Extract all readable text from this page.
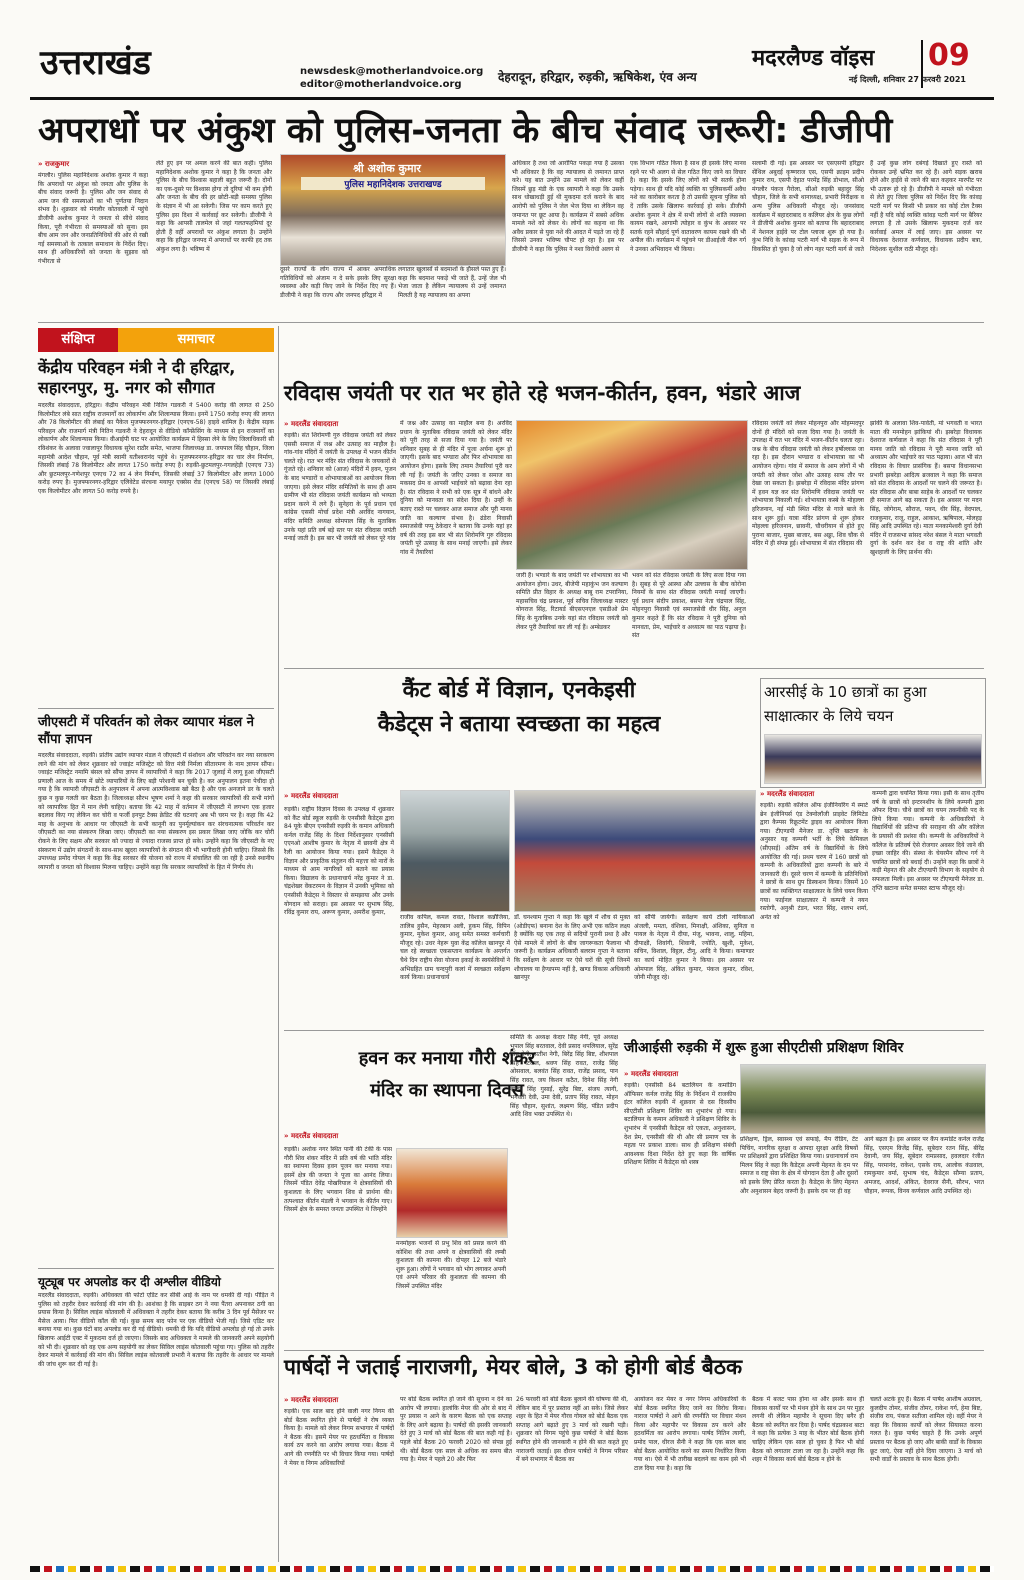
उत्तराखंड	newsdesk@motherlandvoice.org
editor@motherlandvoice.org
देहरादून, हरिद्वार, रुड़की, ऋषिकेश, एंव अन्य
मदरलैण्ड वॉइस 09
नई दिल्ली, शनिवार 27 फरवरी 2021
अपराधों पर अंकुश को पुलिस-जनता के बीच संवाद जरूरी: डीजीपी
» राजकुमार
मंगलौर। पुलिस महानिदेशक अशोक कुमार ने कहा कि अपराधों पर अंकुश को जनता और पुलिस के बीच संवाद जरूरी है। पुलिस और जन संवाद से आम जन की समस्याओं का भी पूर्णतया निदान संभव है। शुक्रवार को मंगलौर कोतवाली में पहुंचे डीजीपी अशोक कुमार ने जनता से सीधे संवाद किया, पूरी गंभीरता से समस्याओं को सुना। इस बीच आम जन और जनप्रतिनिधियों की ओर से रखी गई समस्याओं के तत्काल समाधान के निर्देश दिए। साथ ही अधिकारियों को जनता के सुझाव को गंभीरता से
लेते हुए इन पर अमल करने की बात कही। पुलिस महानिदेशक अशोक कुमार ने कहा है कि जनता और पुलिस के बीच विश्वास बहाली बहुत जरूरी है। दोनों का एक-दूसरे पर विश्वास होगा तो दूरियां भी कम होंगी और जनता के बीच की हर छोटी-बड़ी समस्या पुलिस के संज्ञान में भी आ सकेगी। जिस पर काम करते हुए पुलिस इस दिशा में कार्रवाई कर सकेगी। डीजीपी ने कहा कि आपसी तालमेल से जहां गलतफहमियां दूर होती हैं वहीं अपराधों पर अंकुश लगाता है। उन्होंने कहा कि हरिद्वार जनपद में अपराधों पर काफी हद तक अंकुश लगा है। भविष्य में
श्री अशोक कुमार
पुलिस महानिदेशक उत्तराखण्ड
दूसरे राज्यों के लोग राज्य में आकर अपराधिक गतिविधियों को अंजाम न दे सके इसके लिए सुरक्षा व्यवस्था और कड़ी किए जाने के निर्देश दिए गए हैं। डीजीपी ने कहा कि राज्य और जनपद हरिद्वार में
लगातार खुलासों से बदमाशों के हौसले पस्त हुए हैं। कहा कि बदमाश पकड़े भी जाते हैं, उन्हें जेल भी भेजा जाता है लेकिन न्यायालय से उन्हें जमानत मिलती है यह न्यायालय का अपना
अधिकार है तथा जो आरोपित पकड़ा गया है उसका भी अधिकार है कि वह न्यायालय से जमानत प्राप्त करे। यह बात उन्होंने उस मामले को लेकर कहीं जिसमें छुड़ मंडी के एक व्यापारी ने कहा कि उसके साथ धोखाधड़ी हुई थी मुकदमा दर्ज कराने के बाद आरोपी को पुलिस ने जेल भेज दिया था लेकिन वह जमानत पर छूट आया है। कार्यक्रम में सबसे अधिक मामले नशे को लेकर थे। लोगों का कहना था कि अवैध प्रकार से युवा नशे की आदत में पड़ते जा रहे हैं जिससे उनका भविष्य चौपट हो रहा है। इस पर डीजीपी ने कहा कि पुलिस ने नशा विरोधी अलग से
एक विभाग गठित किया है साथ ही इसके लिए मानव रहने पर भी अलग से सेल गठित किए जाने का विचार है। कहा कि इसके लिए लोगों को भी सतर्क होना पड़ेगा। साथ ही यदि कोई व्यक्ति या पुलिसकर्मी अवैध नशे का कारोबार करता है तो उसकी सूचना पुलिस को दें ताकि उसके खिलाफ कार्रवाई हो सके। डीजीपी अशोक कुमार ने क्षेत्र में सभी लोगों से शांति व्यवस्था कायम रखने, आगामी त्योहार व कुंभ के अवसर पर सतर्क रहने सौहार्द पूर्ण वातावरण कायम रखने की भी अपील की। कार्यक्रम में पहुंचने पर डीआईजी नीरू गर्ग ने उनका अभिवादन भी किया।
सलामी दी गई। इस अवसर पर एसएसपी हरिद्वार सेंथिल अबुदई कृष्णराज एस, एसपी क्राइम प्रदीप कुमार राय, एसपी देहात परमेंद्र सिंह डोभाल, सीओ मंगलौर पंकज गैरोला, सीओ रुड़की बहादुर सिंह चौहान, जिले के सभी थानाध्यक्ष, प्रभारी निरीक्षक व अन्य पुलिस अधिकारी मौजूद रहे। जनसंवाद कार्यक्रम में बहादराबाद व कलियर क्षेत्र के कुछ लोगों ने डीजीपी अशोक कुमार को बताया कि बहादराबाद में नेशनल हाईवे पर टोल प्लाजा शुरू हो गया है। कुंभ निधि के कांवड़ पटरी मार्ग भी सड़क के रूप में विकसित हो चुका है जो लोग नहर पटरी मार्ग से जाते
हैं उन्हें कुछ लोग दबंगई दिखाते हुए रास्ते को रोककर उन्हें भ्रमित कर रहे हैं। आगे सड़क खराब होने और हाईवे से जाने की बात कहकर मारपीट पर भी उतारू हो रहे हैं। डीजीपी ने मामले को गंभीरता से लेते हुए जिला पुलिस को निर्देश दिए कि कांवड़ पटरी मार्ग पर किसी भी प्रकार का कोई टोल टैक्स नहीं है यदि कोई व्यक्ति कांवड़ पटरी मार्ग पर बैरियर लगाता है तो उसके खिलाफ मुकदमा दर्ज कर कार्रवाई अमल में लाई जाए। इस अवसर पर विधायक देशराज कर्णवाल, विधायक प्रदीप बत्रा, निदेशक सुशील राठी मौजूद रहे।
संक्षिप्त	समाचार
केंद्रीय परिवहन मंत्री ने दी हरिद्वार, सहारनपुर, मु. नगर को सौगात
मदरलैंड संवाददाता, हरिद्वार। केंद्रीय परिवहन मंत्री नितिन गडकरी ने 5400 करोड़ की लागत से 250 किलोमीटर लंबे सात राष्ट्रीय राजमार्गों का लोकार्पण और शिलान्यास किया। इनमें 1750 करोड़ रुपए की लागत और 78 किलोमीटर की लंबाई का पैकेज मुजफ्फरनगर-हरिद्वार (एनएच-58) हाइवे शामिल है। केंद्रीय सड़क परिवहन और राजमार्ग मंत्री नितिन गडकरी ने देहरादून से वीडियो कॉन्फ्रेंसिंग के माध्यम से इन राजमार्गों का लोकार्पण और शिलान्यास किया। वीआईपी घाट पर आयोजित कार्यक्रम में हिस्सा लेने के लिए जिलाधिकारी सी रविशंकर के अलावा ज्वालापुर विधायक सुरेश राठौर समेत, भाजपा जिलाध्यक्ष डा. जयपाल सिंह चौहान, जिला महामंत्री आदेश चौहान, पूर्व मंत्री स्वामी यतीश्वरानंद पहुंचे थे। मुजफ्फरनगर-हरिद्वार का चार लेन निर्माण, जिसकी लंबाई 78 किलोमीटर और लागत 1750 करोड़ रुपए है। रुड़की-छुटमलपुर-गगलहेड़ी (एनएच 73) और छुटमलपुर-गणेशपुर एनएच 72 का 4 लेन निर्माण, जिसकी लंबाई 37 किलोमीटर और लागत 1000 करोड़ रुपए है। मुजफ्फरनगर-हरिद्वार एलिवेटेड संरचना मयापुर एक्सेस रोड (एनएच 58) पर जिसकी लंबाई एक किलोमीटर और लागत 50 करोड़ रुपये है।
जीएसटी में परिवर्तन को लेकर व्यापार मंडल ने सौंपा ज्ञापन
मदरलैंड संवाददाता, रुड़की। प्रांतीय उद्योग व्यापार मंडल ने जीएसटी में संशोधन और परिवर्तन कर नया सरकरण लाने की मांग को लेकर शुक्रवार को ज्वाइंट मजिस्ट्रेट को वित्त मंत्री निर्मला सीतारमण के नाम ज्ञापन सौंपा। ज्वाइंट मजिस्ट्रेट नमामि बंसल को सौंपा ज्ञापन में व्यापारियों ने कहा कि 2017 जुलाई में लागू हुआ जीएसटी प्रणाली आज के समय में छोटे व्यापारियों के लिए बड़ी परेशानी बन चुकी है। कर अनुपालन इतना पेचीदा हो गया है कि व्यापारी जीएसटी के अनुपालन में अपना आत्मविश्वास खो बैठा है और एक अनजाने डर के चलते कुछ न कुछ गलती कर बैठता है। जिलाध्यक्ष सौरभ भूषण शर्मा ने कहा की सरकार व्यापारियों की सभी मांगों को व्यापारिक हित में मान लेनी चाहिए। बताया कि 42 माह में वर्तमान में जीएसटी में लगभग एक हजार बदलाव किए गए लेकिन कर चोरी व फर्जी इनपुट टैक्स क्रेडिट की घटनाएं अब भी चरम पर है। कहा कि 42 माह के अनुभव के आधार पर जीएसटी के सभी कानूनी का पुनर्मूल्यांकन कर संरचनात्मक परिवर्तन कर जीएसटी का नया संस्करण लिखा जाए। जीएसटी का नया संस्करण इस प्रकार लिखा जाए जोकि कर चोरी रोकने के लिए सक्षम और सरकार को ज्यादा से ज्यादा राजस्व प्राप्त हो सके। उन्होंने कहा कि जीएसटी के नए संस्करण में उद्योग संगठनों के साथ-साथ खुदरा व्यापारियों के संगठन की भी भागीदारी होनी चाहिए। जिससे कि उपाध्यक्ष प्रमोद गोयल ने कहा कि केंद्र सरकार की योजना को राज्य में संचालित की जा रही है उनसे स्थानीय व्यापारी व जनता को विश्वास मिलना चाहिए। उन्होंने कहा कि सरकार व्यापारियों के हित में निर्णय ले।
यूट्यूब पर अपलोड कर दी अश्लील वीडियो
मदरलैंड संवाददाता, रुड़की। अधिवक्ता की फोटो एडिट कर सीबी आई के नाम पर धमकी दी गई। पीड़ित ने पुलिस को तहरीर देकर कार्रवाई की मांग की है। आशंका है कि साइबर ठग ने नया पैंतरा अपनाकर ठगी का प्रयास किया है। सिविल लाइंस कोतवाली में अधिवक्ता ने तहरीर देकर बताया कि करीब 3 दिन पूर्व मैसेंजर पर मैसेज आया। फिर वीडियो कॉल की गई। कुछ समय बाद फोन पर एक वीडियो भेजी गई। जिसे एडिट कर बनाया गया था। कुछ घंटों बाद अपलोड कर दी गई वीडियो। धमकी दी कि यदि वीडियो अपलोड हो गई तो उनके खिलाफ आईटी एक्ट में मुकदमा दर्ज हो जाएगा। जिसके बाद अधिवक्ता ने मामले की जानकारी अपने सहयोगी को भी दी। शुक्रवार को वह एक अन्य सहयोगी का लेकर सिविल लाइंस कोतवाली पहुंचा गए। पुलिस को तहरीर देकर मामले में कार्रवाई की मांग की। सिविल लाइंस कोतवाली प्रभारी ने बताया कि तहरीर के आधार पर मामले की जांच शुरू कर दी गई है।
रविदास जयंती पर रात भर होते रहे भजन-कीर्तन, हवन, भंडारे आज
» मदरलैंड संवाददाता
रुड़की। संत शिरोमणी गुरु रविदास जयंती को लेकर एससी समाज में जश्न और उत्साह का माहौल है। गांव-गांव मंदिरों में जयंती के उपलक्ष में भजन कीर्तन चलते रहे। रात भर मंदिर संत रविदास के जयकारों से गूंजते रहे। शनिवार को (आज) मंदिरों में हवन, पूजन के बाद भण्डारों व शोभायात्राओं का आयोजन किया जाएगा। इसे लेकर मंदिर समितियों के साथ ही आम ग्रामीण भी संत रविदास जयंती कार्यक्रम को भव्यता प्रदान करने में लगे हैं। सुनेहरा के पूर्व प्रधान एवं कांग्रेस एससी मोर्चा प्रदेश मंत्री अरविंद नागयान, मंदिर समिति अध्यक्ष सोमपाल सिंह के मुताबिक उनके यहां प्रति वर्ष बड़े स्तर पर संत रविदास जयंती मनाई जाती है। इस बार भी जयंती को लेकर पूरे गांव
में जश्न और उत्साह का माहौल बना है। अरविंद प्रधान के मुताबिक रविदास जयंती को लेकर मंदिर को पूरी तरह से सजा दिया गया है। जयंती पर शनिवार सुबह से ही मंदिर में पूजा अर्चना शुरू हो जाएगी। इसके बाद भण्डारा और फिर शोभायात्रा का आयोजन होगा। इसके लिए तमाम तैयारियां पूरी कर ली गई हैं। जयंती के जरिए उनका व समाज का मकसद प्रेम व आपसी भाईचारे को बढ़ावा देना रहा है। संत रविदास ने सभी को एक सूत्र में बांधने और दुनिया को मानवता का संदेश दिया है। उन्हीं के बताए रास्ते पर चलकर आज समाज और पूरी मानव जाति का कल्याण संभव है। ढंडेरा निवासी समाजसेवी पप्पू ठेकेदार ने बताया कि उनके यहां हर वर्ष की तरह इस बार भी संत शिरोमणि गुरु रविदास जयंती पूरे उत्साह के साथ मनाई जाएगी। इसे लेकर गांव में तैयारियां
जारी हैं। भण्डारे के बाद जयंती पर शोभायात्रा का भी आयोजन होगा। उधर, बीजेपी महाकुंभ जन कल्याण समिति प्रीत विहार के अध्यक्ष बाबू राम टपरानिया, महासचिव चंद्र प्रकाश, पूर्व सचिव जिलाध्यक्ष मास्टर योगराज सिंह, रिटायर्ड बीएसएनएल एसडीओ प्रेम सिंह के मुताबिक उनके यहां संत रविदास जयंती को लेकर पूरी तैयारियां कर ली गई हैं। अम्बेडकर
भवन को संत रविदास जयंती के लिए सजा दिया गया है। सुबह से पूरे आस्था और उल्लास के बीच कोरोना नियमों के साथ संत रविदास जयंती मनाई जाएगी। पूर्व प्रधान संदीप प्रकाश, बसपा नेता चंद्रपाल सिंह, मोहनपुरा निवासी एवं समाजसेवी धीर सिंह, अनुज कुमार कहते हैं कि संत रविदास ने पूरी दुनिया को मानवता, प्रेम, भाईचारे व अध्यात्म का पाठ पढ़ाया है। संत
रविदास जयंती को लेकर मोहनपुरा और मोहम्मदपुर दोनों ही मंदिरों को सजा दिया गया है। जयंती के उपलक्ष में रात भर मंदिर में भजन-कीर्तन चलता रहा। जश्न के बीच रविदास जयंती को लेकर हर्षोल्लास जा रहा है। इस दौरान भण्डारा व शोभायात्रा का भी आयोजन रहेगा। गांव में समाज के आम लोगों में भी जयंती को लेकर जोश और उत्साह साफ तौर पर देखा जा सकता है। झबरेड़ा में रविदास मंदिर प्रांगण में हवन यज्ञ कर संत शिरोमणि रविदास जयंती पर शोभायात्रा निकाली गई। शोभायात्रा कस्बे के मोहल्ला हरिजनान, नई मंडी स्थित मंदिर से गाजे बाजे के साथ शुरू हुई। यात्रा मंदिर प्रांगण से शुरू होकर मोहल्ला हरिजनान, छावनी, चौधरीयान से होते हुए पुराना बाजार, मुख्य बाजार, बस अड्डा, शिव चौक से मंदिर में ही संपन्न हुई। शोभायात्रा में संत रविदास की
झांकी के अलावा शिव-पार्वती, मां भगवती व भारत माता की मनमोहन झांकियां थी। झबरेड़ा विधायक देशराज कर्णवाल ने कहा कि संत रविदास ने पूरी मानव जाति को रविदास ने पूरी मानव जाति को अध्यात्म और भाईचारे का पाठ पढ़ाया। आज भी संत रविदास के विचार प्रासंगिक हैं। बसपा विधानसभा प्रभारी झबरेड़ा आदित्य ब्रजवाल ने कहा कि समाज को संत रविदास के आदर्शों पर चलने की जरूरत है। संत रविदास और बाबा साहेब के आदर्शों पर चलकर ही समाज आगे बढ़ सकता है। इस अवसर पर मदन सिंह, जोगेराम, सौराज, पवन, धीर सिंह, वेदपाल, राजकुमार, राजू, राहुल, आकाश, ऋषिपाल, मोलहड़ सिंह आदि उपस्थित रहे। माता मनकामेश्वरी दुर्गा देवी मंदिर में राजसभा सांसद नरेश बंसल ने माता भगवती दुर्गा के दर्शन कर देश व राष्ट्र की शांति और खुशहाली के लिए प्रार्थना की।
कैंट बोर्ड में विज्ञान, एनकेइसी
कैडेट्स ने बताया स्वच्छता का महत्व
» मदरलैंड संवाददाता
रुड़की। राष्ट्रीय विज्ञान दिवस के उपलक्ष में शुक्रवार को कैंट बोर्ड स्कूल रुड़की के एनसीसी कैडेट्स द्वारा 84 यूके बीएन एनसीसी रुड़की के कमान अधिकारी कर्नल राजेंद्र सिंह के दिशा निर्देशानुसार एनसीसी एएनओ आशीष कुमार के नेतृत्व में छावनी क्षेत्र में रैली का आयोजन किया गया। इसमें कैडेट्स ने विज्ञान और प्राकृतिक संतुलन की महत्ता को नारों के माध्यम से आम नागरिकों को बताने का प्रयास किया। विद्यालय के प्रधानाचार्य नरेंद्र कुमार ने डा. चंद्रशेखर वेंकटरमन के विज्ञान में उनकी भूमिका को एनसीसी कैडेट्स ने विस्तार से समझाया और उनके योगदान को सराहा। इस अवसर पर सुभाष सिंह, रविंद्र कुमार राय, अरूण कुमार, अमरीश कुमार,
राजीव कपिल, कमल रावत, विशाल कन्नौजिया, तालिब हुसैन, मेहरबान अली, हुकम सिंह, विपिन कुमार, मुकेश कुमार, आशु समेत समस्त कर्मचारी मौजूद रहे। उधर नेहरू युवा केंद्र कॉलेज खानपुर में चल रहे स्वच्छता एकसप्तान कार्यक्रम के अन्तर्गत चैथे दिन राष्ट्रीय सेवा योजना इकाई के स्वयंसेवियों ने अभिग्रहित ग्राम चन्दपुरी कलां में स्वच्छता सर्वेक्षण कार्य किया। प्रधानाचार्य
डॉ. घनश्याम गुप्ता ने कहा कि खुले में शौच से मुक्त (ओडीएफ) बनाना देश के लिए अभी एक कठिन लक्ष्य है क्योंकि यह एक तरह से सदियों पुरानी प्रथा है और ऐसे मामले में लोगों के बीच जागरूकता फैलाना भी जरूरी है। कार्यक्रम अधिकारी बलराम गुप्ता ने बताया कि सर्वेक्षण के आधार पर ऐसे घरों की सूची जिनमें शौचालय या हैण्डपम्प नहीं है, खण्ड विकास अधिकारी खानपुर
को सौंपी जायेगी। सर्वेक्षण कार्य टोली नायिकाओं अंजली, ममता, वंशिका, मिनाक्षी, अंशिका, सुनिता व पायल के नेतृत्व में दीया, मंजू, भावना, शालु, महिमा, दीपाक्षी, शिवांगी, शिवानी, ज्योति, खुशी, मुकेश, सचिन, विशाल, विट्ठल, टीनू, आदि ने किया। कमाण्डर का कार्य मोहित कुमार ने किया। इस अवसर पर ओमपाल सिंह, अंकित कुमार, पंकज कुमार, रविश, जोनी मौजूद रहे।
आरसीई के 10 छात्रों का हुआ
साक्षात्कार के लिये चयन
» मदरलैंड संवाददाता
रुड़की। रुड़की कॉलेज ऑफ इंजीनियरिंग में स्मार्ट ब्रेन इंजीनियर्स एंड टेक्नोलॉजी प्राइवेट लिमिटेड द्वारा कैम्पस रिक्रूटमेंट ड्राइव का आयोजन किया गया। टीएण्डपी मैनेजर डा. तृप्ति खटाना के अनुसार यह कम्पनी भर्ती के लिये केमिकल (सीएसई) अंतिम वर्ष के विद्यार्थियों के लिये आयोजित की गई। प्रथम चरण में 160 छात्रों को कम्पनी के अधिकारियों द्वारा कम्पनी के बारे में जानकारी दी। दूसरे चरण में कम्पनी के प्रतिनिधियों ने छात्रों के साथ ग्रुप डिस्कशन किया। जिसमें 10 छात्रों का व्यक्तिगत साक्षात्कार के लिये चयन किया गया। फाईनल साक्षात्कार में कम्पनी ने नयन रस्तोगी, अनुश्री टंडन, भरत सिंह, शलभ शर्मा, अनंत को
कम्पनी द्वारा चयनित किया गया। इसी के साथ तृतीय वर्ष के छात्रों को इन्टरनशीप के लिये कम्पनी द्वारा ऑफर दिया। चौथे छात्रों का चयन तकनीकी पद के लिये किया गया। कम्पनी के अधिकारियों ने विद्यार्थियों की प्रतिभा की सराहना की और कॉलेज के प्रयासों की प्रशंसा की। कम्पनी के अधिकारियों ने कॉलेज के प्रतिवर्ष ऐसे रोजगार अवसर दिये जाने की इच्छा जाहिर की। संस्था के चेयरमैन सौरभ गर्ग ने चयनित छात्रों को बधाई दी। उन्होंने कहा कि छात्रों ने कड़ी मेहनत की और टीएण्डपी विभाग के सहयोग से सफलता मिली। इस अवसर पर टीएण्डपी मैनेजर डा. तृप्ति खटाना समेत समस्त स्टाफ मौजूद रहे।
हवन कर मनाया गौरी शंकर
मंदिर का स्थापना दिवस
» मदरलैंड संवाददाता
रुड़की। अशोक नगर स्थित पानी की टंकी के पास गौरी शिव शंकर मंदिर में प्रति वर्ष की भांति मंदिर का स्थापना दिवस हवन पूजन कर मनाया गया। इसमें क्षेत्र की जनता ने पूजा का आनंद लिया। जिसमें पंडित देवेंद्र पोखरियाल ने क्षेत्रवासियों की कुशलता के लिए भगवान शिव से प्रार्थना की। तत्पश्चात कीर्तन मंडली ने भगवान के कीर्तन गाए। जिसमें क्षेत्र के समस्त जनता उपस्थित थे जिन्होंने
मनमोहक भजनों से प्रभु शिव को प्रसन्न करने की कोशिश की तथा अपने व क्षेत्रवासियों की लम्बी कुशलता की कामना की। दोपहर 12 बजे भंडारे शुरू हुआ। लोगों ने भगवान को भोग लगाकर अपनी एवं अपने परिवार की कुशलता की कामना की जिसमें उपस्थित मंदिर
समिति के अध्यक्ष केदार सिंह नेगी, पूर्व अध्यक्ष भूपाल सिंह बरतवाल, देवी प्रसाद थपलियाल, सुरेंद्र सिंह नेगी, सतीश नेगी, बिरेंद्र सिंह बिष्ट, शीशपाल सिंह पटवाल, श्रवण सिंह रावत, राजेंद्र सिंह ओसवाल, बलवंत सिंह रावत, राजेंद्र प्रसाद, पान सिंह रावत, जय किशन कठैत, दिनेश सिंह नेगी बालम सिंह गुसाईं, सुरेंद्र बिष्ट, संजय त्यागी, भगवती देवी, उमा देवी, प्रताप सिंह रावत, मोहन सिंह चौहान, सुशांत, लक्ष्मण सिंह, पंडित प्रदीप आदि शिव भक्त उपस्थित थे।
जीआईसी रुड़की में शुरू हुआ सीएटीसी प्रशिक्षण शिविर
» मदरलैंड संवाददाता
रुड़की। एनसीसी 84 बटालियन के कमांडिंग ऑफिसर कर्नल राजेंद्र सिंह के निर्देशन में राजकीय इंटर कॉलेज रुड़की में शुक्रवार से दस दिवसीय सीएटीसी प्रशिक्षण शिविर का शुभारंभ हो गया। बटालियन के कमान अधिकारी ने प्रशिक्षण शिविर के शुभारंभ में एनसीसी कैडेट्स को एकता, अनुशासन, देश प्रेम, एनसीसी की थी और सी प्रमाण पत्र के महत्व पर प्रकाश डाला। साथ ही प्रशिक्षण संबंधी आवश्यक दिशा निर्देश देते हुए कहा कि वार्षिक प्रशिक्षण शिविर में कैडेट्स को शस्त्र
प्रशिक्षण, ड्रिल, स्वास्थ्य एवं सफाई, मैप रीडिंग, टेंट पिचिंग, नागरिक सुरक्षा व आपदा सुरक्षा आदि विषयों पर प्रशिक्षकों द्वारा प्रशिक्षित किया गया। प्रधानाचार्य राम मिलन सिंह ने कहा कि कैडेट्स अपनी मेहनत के दम पर समाज व राष्ट्र सेवा के क्षेत्र में योगदान देता है और दूसरों को इसके लिए प्रेरित करता है। कैडेट्स के लिए मेहनत और अनुशासन बेहद जरूरी है। इसके दम पर ही वह
आगे बढ़ता है। इस अवसर पर कैंप कमांडेंट कर्नल राजेंद्र सिंह, एसएम विजेंद्र सिंह, सूबेदार रतन सिंह, बीरेंद्र देवानी, जय सिंह, सूबेदार रामप्रसाद, हवलदार रंजीत सिंह, परमानंद, राकेश, एसके राय, आलोक कंडवाल, रामकुमार वर्मा, सुभाष चंद, कैडेट्स सौम्या प्रताप, अमजद, आदर्श, अंकित, देवराज सैनी, सौरभ, भरत चौहान, रूपक, विनय कर्णवाल आदि उपस्थित रहे।
पार्षदों ने जताई नाराजगी, मेयर बोले, 3 को होगी बोर्ड बैठक
» मदरलैंड संवाददाता
रुड़की। एक साल बाद होने वाली नगर निगम की बोर्ड बैठक स्थगित होने से पार्षदों ने रोष व्यक्त किया है। मामले को लेकर निगम सभागार में पार्षदों ने बैठक की। इसमें मेयर पर हठधर्मिता व विकास कार्य ठप करने का आरोप लगाया गया। बैठक में आगे की रणनीति पर भी विचार किया गया। पार्षदों ने मेयर व निगम अधिकारियों
पर बोर्ड बैठक स्थगित हो जाने की सूचना न देने का आरोप भी लगाया। हालांकि मेयर की ओर से बाद में पुर प्रयास न आने के कारण बैठक को एक सप्ताह के लिए आगे बढ़ाया है। पार्षदों की इसकी जानकारी देते हुए 3 मार्च को बोर्ड बैठक की बात कही गई है। पहले बोर्ड बैठक 20 फरवरी 2020 को संपन्न हुई थी। बोर्ड बैठक एक साल से अधिक का समय बीत गया है। मेयर ने पहले 20 और फिर
26 फरवरी को बोर्ड बैठक बुलाने की घोषणा की थी, लेकिन बाद में पूर प्रस्ताव नहीं आ सके। जिसे लेकर शहर के हित में मेयर गौरव गोयल को बोर्ड बैठक एक सप्ताह आगे बढ़ाते हुए 3 मार्च को रखनी पड़ी। शुक्रवार को निगम पहुंचे कुछ पार्षदों ने बोर्ड बैठक स्थगित होने की जानकारी न होने की बात कहते हुए नाराजगी जताई। इस दौरान पार्षदों ने निगम परिसर में बने सभागार में बैठक का
आयोजन कर मेयर व नगर निगम अधिकारियों के बोर्ड बैठक स्थगित किए जाने का विरोध किया। नाराज पार्षदों ने आगे की रणनीति पर विचार मंथन किया और महापौर पर विकास ठप करने और हठधर्मिता का आरोप लगाया। पार्षद नितिन त्यागी, प्रमोद पाल, धीरज सैनी ने कहा कि एक साल बाद बोर्ड बैठक आयोजित करने का समय निर्धारित किया गया था। ऐसे में भी तारीख बदलने का काम इसे भी टाल दिया गया है। कहा कि
बैठक में बजट पास होना था और इसके साथ ही विकास कार्यों पर भी मंथन होने के साथ उन पर मुहर लगनी थी लेकिन महापौर ने सूचना दिए बगैर ही बैठक को स्थगित कर दिया है। पार्षद चंद्रप्रकाश बाटा ने कहा कि प्रत्येक 3 माह के भीतर बोर्ड बैठक होनी चाहिए लेकिन एक साल हो चुका है फिर भी बोर्ड बैठक को लगातार टाला जा रहा है। उन्होंने कहा कि शहर में विकास कार्य बोर्ड बैठक न होने के
चलते अटके हुए हैं। बैठक में पार्षद आशीष अग्रवाल, कुलदीप तोमर, संजीव तोमर, राकेश गर्ग, हेमा बिष्ट, संजीव राय, पंकज सतीजा शामिल रहे। वहीं मेयर ने कहा कि विकास कार्यों को लेकर सियासत करना गलत है। कुछ पार्षद चाहते हैं कि उनके अपूर्ण प्रस्ताव पर बैठक हो जाए और बाकी वार्डों के विकास छूट जाएं, ऐसा नहीं होने दिया जाएगा। 3 मार्च को सभी वार्डों के प्रस्ताव के साथ बैठक होगी।
